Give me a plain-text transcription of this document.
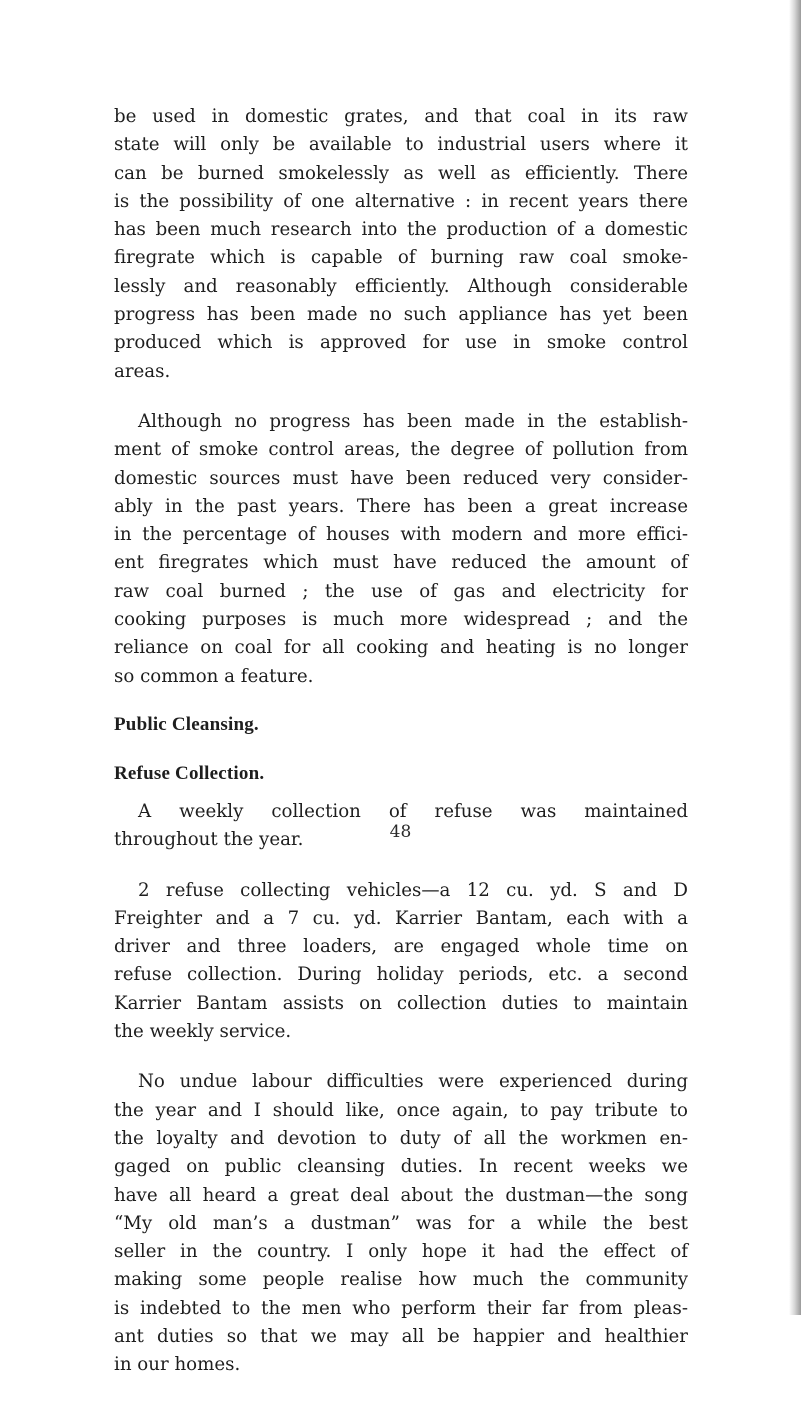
be used in domestic grates, and that coal in its raw
state will only be available to industrial users where it
can be burned smokelessly as well as efficiently. There
is the possibility of one alternative : in recent years there
has been much research into the production of a domestic
firegrate which is capable of burning raw coal smoke-
lessly and reasonably efficiently. Although considerable
progress has been made no such appliance has yet been
produced which is approved for use in smoke control
areas.

Although no progress has been made in the establish-
ment of smoke control areas, the degree of pollution from
domestic sources must have been reduced very consider-
ably in the past years. There has been a great increase
in the percentage of houses with modern and more effici-
ent firegrates which must have reduced the amount of
raw coal burned ; the use of gas and electricity for
cooking purposes is much more widespread ; and the
reliance on coal for all cooking and heating is no longer
so common a feature.

Public Cleansing.
Refuse Collection.

A weekly collection of refuse was maintained
throughout the year.

2 refuse collecting vehicles—a 12 cu. yd. S and D
Freighter and a 7 cu. yd. Karrier Bantam, each with a
driver and three loaders, are engaged whole time on
refuse collection. During holiday periods, etc. a second
Karrier Bantam assists on collection duties to maintain
the weekly service.

No undue labour difficulties were experienced during
the year and I should like, once again, to pay tribute to
the loyalty and devotion to duty of all the workmen en-
gaged on public cleansing duties. In recent weeks we
have all heard a great deal about the dustman—the song
“My old man’s a dustman” was for a while the best
seller in the country. I only hope it had the effect of
making some people realise how much the community
is indebted to the men who perform their far from pleas-
ant duties so that we may all be happier and healthier
in our homes.

48
